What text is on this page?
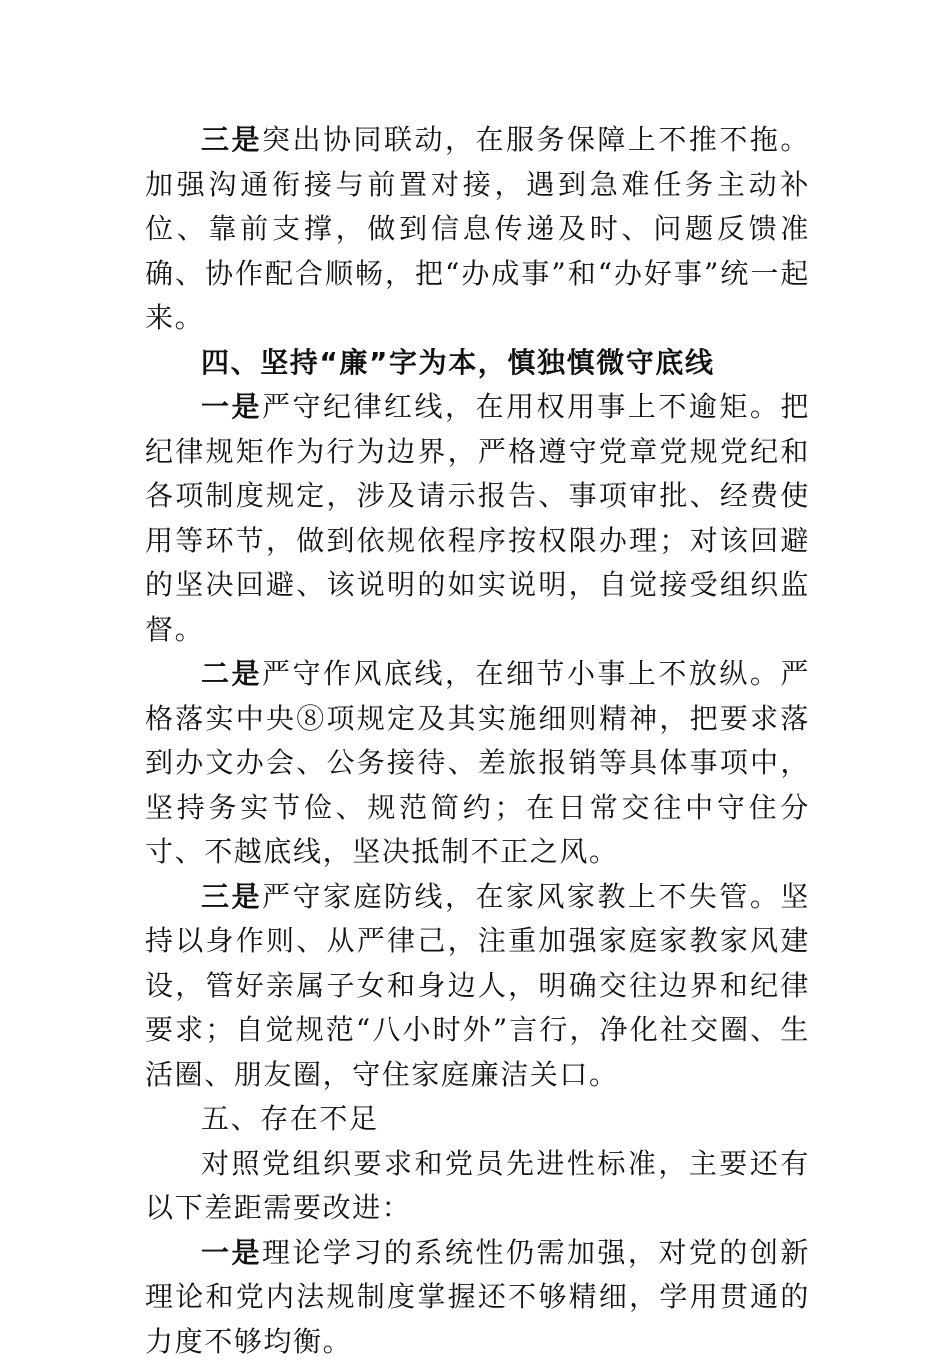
三是突出协同联动，在服务保障上不推不拖。加强沟通衔接与前置对接，遇到急难任务主动补位、靠前支撑，做到信息传递及时、问题反馈准确、协作配合顺畅，把“办成事”和“办好事”统一起来。

四、坚持“廉”字为本，慎独慎微守底线

一是严守纪律红线，在用权用事上不逾矩。把纪律规矩作为行为边界，严格遵守党章党规党纪和各项制度规定，涉及请示报告、事项审批、经费使用等环节，做到依规依程序按权限办理；对该回避的坚决回避、该说明的如实说明，自觉接受组织监督。

二是严守作风底线，在细节小事上不放纵。严格落实中央⑧项规定及其实施细则精神，把要求落到办文办会、公务接待、差旅报销等具体事项中，坚持务实节俭、规范简约；在日常交往中守住分寸、不越底线，坚决抵制不正之风。

三是严守家庭防线，在家风家教上不失管。坚持以身作则、从严律己，注重加强家庭家教家风建设，管好亲属子女和身边人，明确交往边界和纪律要求；自觉规范“八小时外”言行，净化社交圈、生活圈、朋友圈，守住家庭廉洁关口。

五、存在不足

对照党组织要求和党员先进性标准，主要还有以下差距需要改进：

一是理论学习的系统性仍需加强，对党的创新理论和党内法规制度掌握还不够精细，学用贯通的力度不够均衡。
